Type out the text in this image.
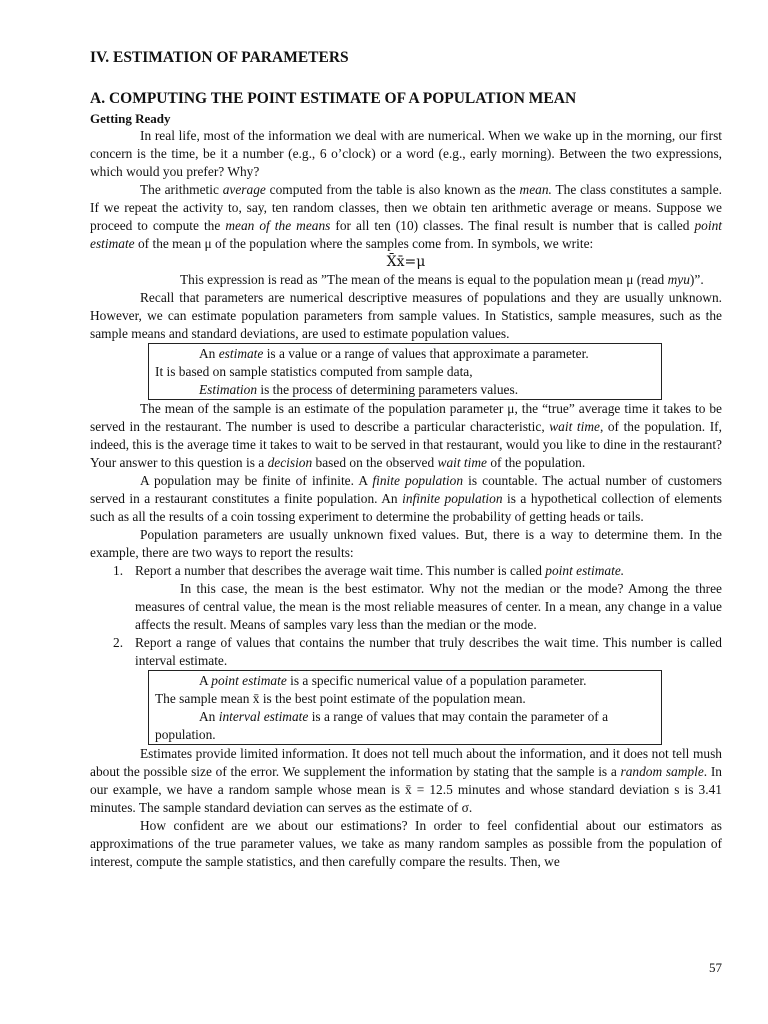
IV. ESTIMATION OF PARAMETERS
A. COMPUTING THE POINT ESTIMATE OF A POPULATION MEAN
Getting Ready

In real life, most of the information we deal with are numerical. When we wake up in the morning, our first concern is the time, be it a number (e.g., 6 o’clock) or a word (e.g., early morning). Between the two expressions, which would you prefer? Why?

The arithmetic average computed from the table is also known as the mean. The class constitutes a sample. If we repeat the activity to, say, ten random classes, then we obtain ten arithmetic average or means. Suppose we proceed to compute the mean of the means for all ten (10) classes. The final result is number that is called point estimate of the mean μ of the population where the samples come from. In symbols, we write:

X̄x̄=μ

This expression is read as ”The mean of the means is equal to the population mean μ (read myu)”.

Recall that parameters are numerical descriptive measures of populations and they are usually unknown. However, we can estimate population parameters from sample values. In Statistics, sample measures, such as the sample means and standard deviations, are used to estimate population values.

An estimate is a value or a range of values that approximate a parameter.
It is based on sample statistics computed from sample data,
Estimation is the process of determining parameters values.

The mean of the sample is an estimate of the population parameter μ, the “true” average time it takes to be served in the restaurant. The number is used to describe a particular characteristic, wait time, of the population. If, indeed, this is the average time it takes to wait to be served in that restaurant, would you like to dine in the restaurant? Your answer to this question is a decision based on the observed wait time of the population.

A population may be finite of infinite. A finite population is countable. The actual number of customers served in a restaurant constitutes a finite population. An infinite population is a hypothetical collection of elements such as all the results of a coin tossing experiment to determine the probability of getting heads or tails.

Population parameters are usually unknown fixed values. But, there is a way to determine them. In the example, there are two ways to report the results:

1. Report a number that describes the average wait time. This number is called point estimate.
In this case, the mean is the best estimator. Why not the median or the mode? Among the three measures of central value, the mean is the most reliable measures of center. In a mean, any change in a value affects the result. Means of samples vary less than the median or the mode.
2. Report a range of values that contains the number that truly describes the wait time. This number is called interval estimate.
A point estimate is a specific numerical value of a population parameter.
The sample mean x̄ is the best point estimate of the population mean.
An interval estimate is a range of values that may contain the parameter of a population.

Estimates provide limited information. It does not tell much about the information, and it does not tell mush about the possible size of the error. We supplement the information by stating that the sample is a random sample. In our example, we have a random sample whose mean is x̄ = 12.5 minutes and whose standard deviation s is 3.41 minutes. The sample standard deviation can serves as the estimate of σ.

How confident are we about our estimations? In order to feel confidential about our estimators as approximations of the true parameter values, we take as many random samples as possible from the population of interest, compute the sample statistics, and then carefully compare the results. Then, we

57
